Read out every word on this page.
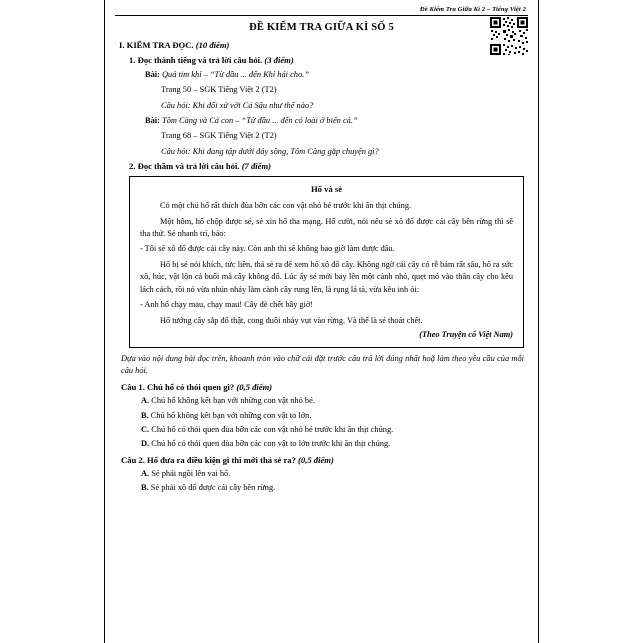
Đề Kiểm Tra Giữa Kì 2 – Tiếng Việt 2
ĐỀ KIỂM TRA GIỮA KÌ SỐ 5
I. KIỂM TRA ĐỌC. (10 điểm)
1. Đọc thành tiếng và trả lời câu hỏi. (3 điểm)
Bài: Quả tim khỉ – “Từ đầu ... đến Khỉ hái cho.”
Trang 50 – SGK Tiếng Việt 2 (T2)
Câu hỏi: Khi đối xử với Cá Sấu như thế nào?
Bài: Tôm Càng và Cá con – “Từ đầu ... đến có loài ở biển cả.”
Trang 68 – SGK Tiếng Việt 2 (T2)
Câu hỏi: Khi đang tập dưới đáy sông, Tôm Càng gặp chuyện gì?
2. Đọc thầm và trả lời câu hỏi. (7 điểm)
Hổ và sẻ
Có một chú hổ rất thích đùa bỡn các con vật nhỏ bé trước khi ăn thịt chúng.
Một hôm, hổ chộp được sẻ, sẻ xin hổ tha mạng. Hổ cười, nói nếu sẻ xô đổ được cái cây bên rừng thì sẽ tha thứ. Sẻ nhanh trí, bảo:
- Tôi sẽ xô đổ được cái cây này. Còn anh thì sẽ không bao giờ làm được đâu.
Hổ bị sẻ nói khích, tức liền, thả sẻ ra để xem hổ xô đổ cây. Không ngờ cái cây có rễ bám rất sâu, hổ ra sức xô, húc, vật lộn cả buổi mà cây không đổ. Lúc ấy sẻ mới bay lên một cành nhỏ, quẹt mỏ vào thân cây cho kêu lách cách, rồi nó vừa nhún nhảy làm cành cây rung lên, là rụng lá tà, vừa kêu inh ỏi:
- Anh hổ chạy mau, chạy mau! Cây đè chết bây giờ!
Hổ tưởng cây sắp đổ thật, cong đuôi nhảy vụt vào rừng. Và thế là sẻ thoát chết.
(Theo Truyện cổ Việt Nam)
Dựa vào nội dung bài đọc trên, khoanh tròn vào chữ cái đặt trước câu trả lời đúng nhất hoặ làm theo yêu cầu của mỗi câu hỏi.
Câu 1. Chú hổ có thói quen gì? (0,5 điểm)
A. Chú hổ không kết bạn với những con vật nhỏ bé.
B. Chú hổ không kết bạn với những con vật to lớn.
C. Chú hổ có thói quen đùa bỡn các con vật nhỏ bé trước khi ăn thịt chúng.
D. Chú hổ có thói quen đùa bỡn các con vật to lớn trước khi ăn thịt chúng.
Câu 2. Hổ đưa ra điều kiện gì thì mới thả sẻ ra? (0,5 điểm)
A. Sẻ phải ngồi lên vai hổ.
B. Sẻ phải xô đổ được cái cây bên rừng.
